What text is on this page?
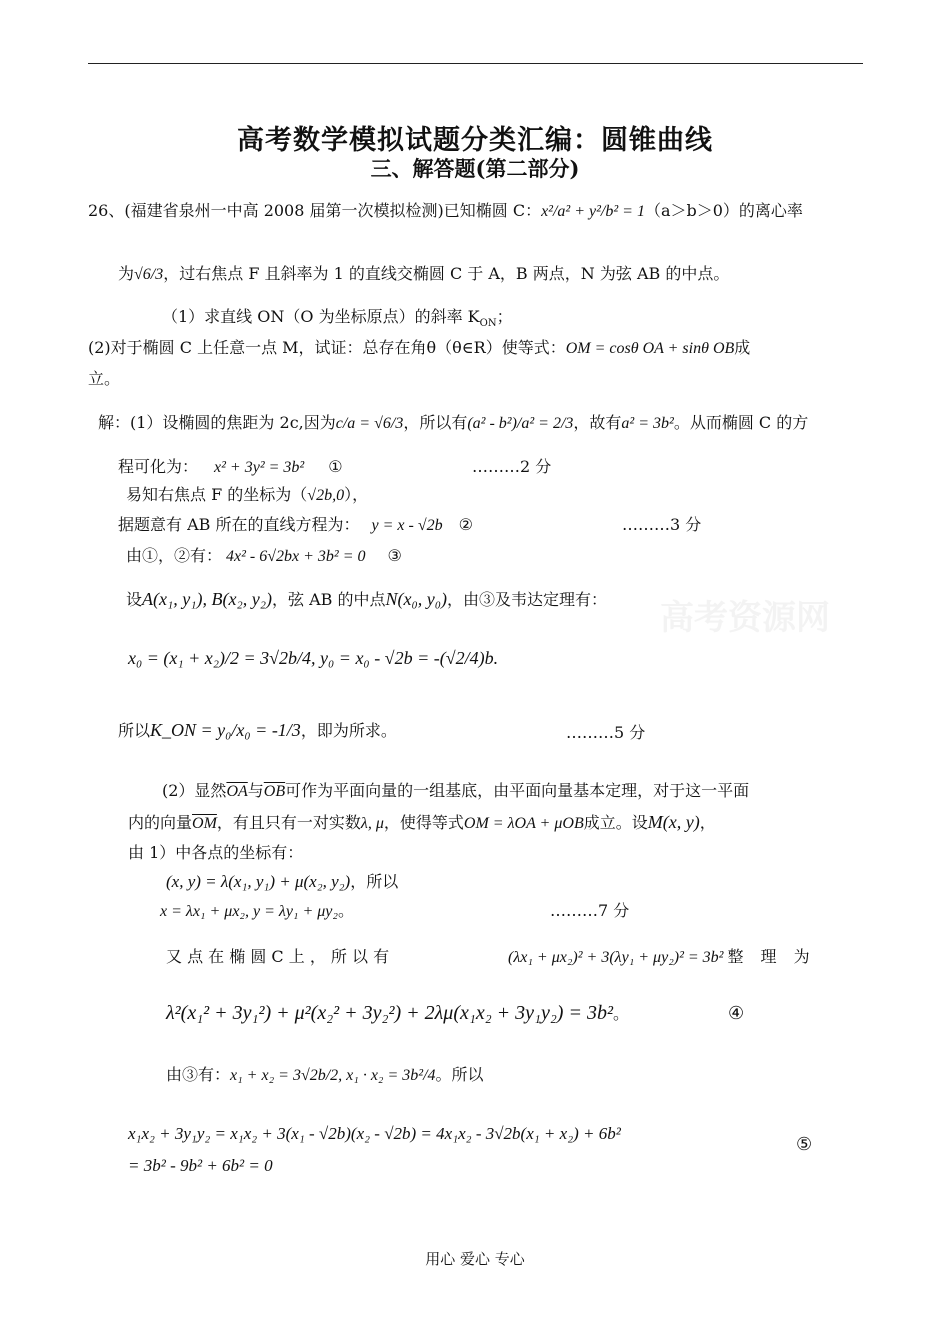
高考数学模拟试题分类汇编：圆锥曲线
三、解答题(第二部分)
高考资源网
26、(福建省泉州一中高 2008 届第一次模拟检测)已知椭圆 C：x²/a² + y²/b² = 1（a＞b＞0）的离心率
为√6/3，过右焦点 F 且斜率为 1 的直线交椭圆 C 于 A，B 两点，N 为弦 AB 的中点。
（1）求直线 ON（O 为坐标原点）的斜率 $K_{ON}$；
(2)对于椭圆 C 上任意一点 M，试证：总存在角θ（θ∈R）使等式：OM = cosθ OA + sinθ OB成
立。
解：(1）设椭圆的焦距为 2c,因为c/a = √6/3，所以有(a² - b²)/a² = 2/3，故有a² = 3b²。从而椭圆 C 的方
程可化为： x² + 3y² = 3b² ①	………2 分
易知右焦点 F 的坐标为（√2b,0），
据题意有 AB 所在的直线方程为： y = x - √2b ②	………3 分
由①，②有： 4x² - 6√2bx + 3b² = 0 ③
设A(x₁, y₁), B(x₂, y₂)，弦 AB 的中点N(x₀, y₀)，由③及韦达定理有：
x₀ = (x₁ + x₂)/2 = 3√2b/4, y₀ = x₀ - √2b = -(√2/4)b.
所以K_ON = y₀/x₀ = -1/3，即为所求。	………5 分
(2）显然$\overline{OA}$与$\overline{OB}$可作为平面向量的一组基底，由平面向量基本定理，对于这一平面
内的向量$\overline{OM}$，有且只有一对实数λ, μ，使得等式OM = λOA + μOB成立。设M(x, y)，
由 1）中各点的坐标有：
(x, y) = λ(x₁, y₁) + μ(x₂, y₂)，所以
x = λx₁ + μx₂, y = λy₁ + μy₂。	………7 分
又 点 在 椭 圆 C 上 ， 所 以 有	(λx₁ + μx₂)² + 3(λy₁ + μy₂)² = 3b² 整 理 为
λ²(x₁² + 3y₁²) + μ²(x₂² + 3y₂²) + 2λμ(x₁x₂ + 3y₁y₂) = 3b²。	④
由③有：x₁ + x₂ = 3√2b/2, x₁ · x₂ = 3b²/4。所以
x₁x₂ + 3y₁y₂ = x₁x₂ + 3(x₁ - √2b)(x₂ - √2b) = 4x₁x₂ - 3√2b(x₁ + x₂) + 6b²
⑤
= 3b² - 9b² + 6b² = 0
用心 爱心 专心
